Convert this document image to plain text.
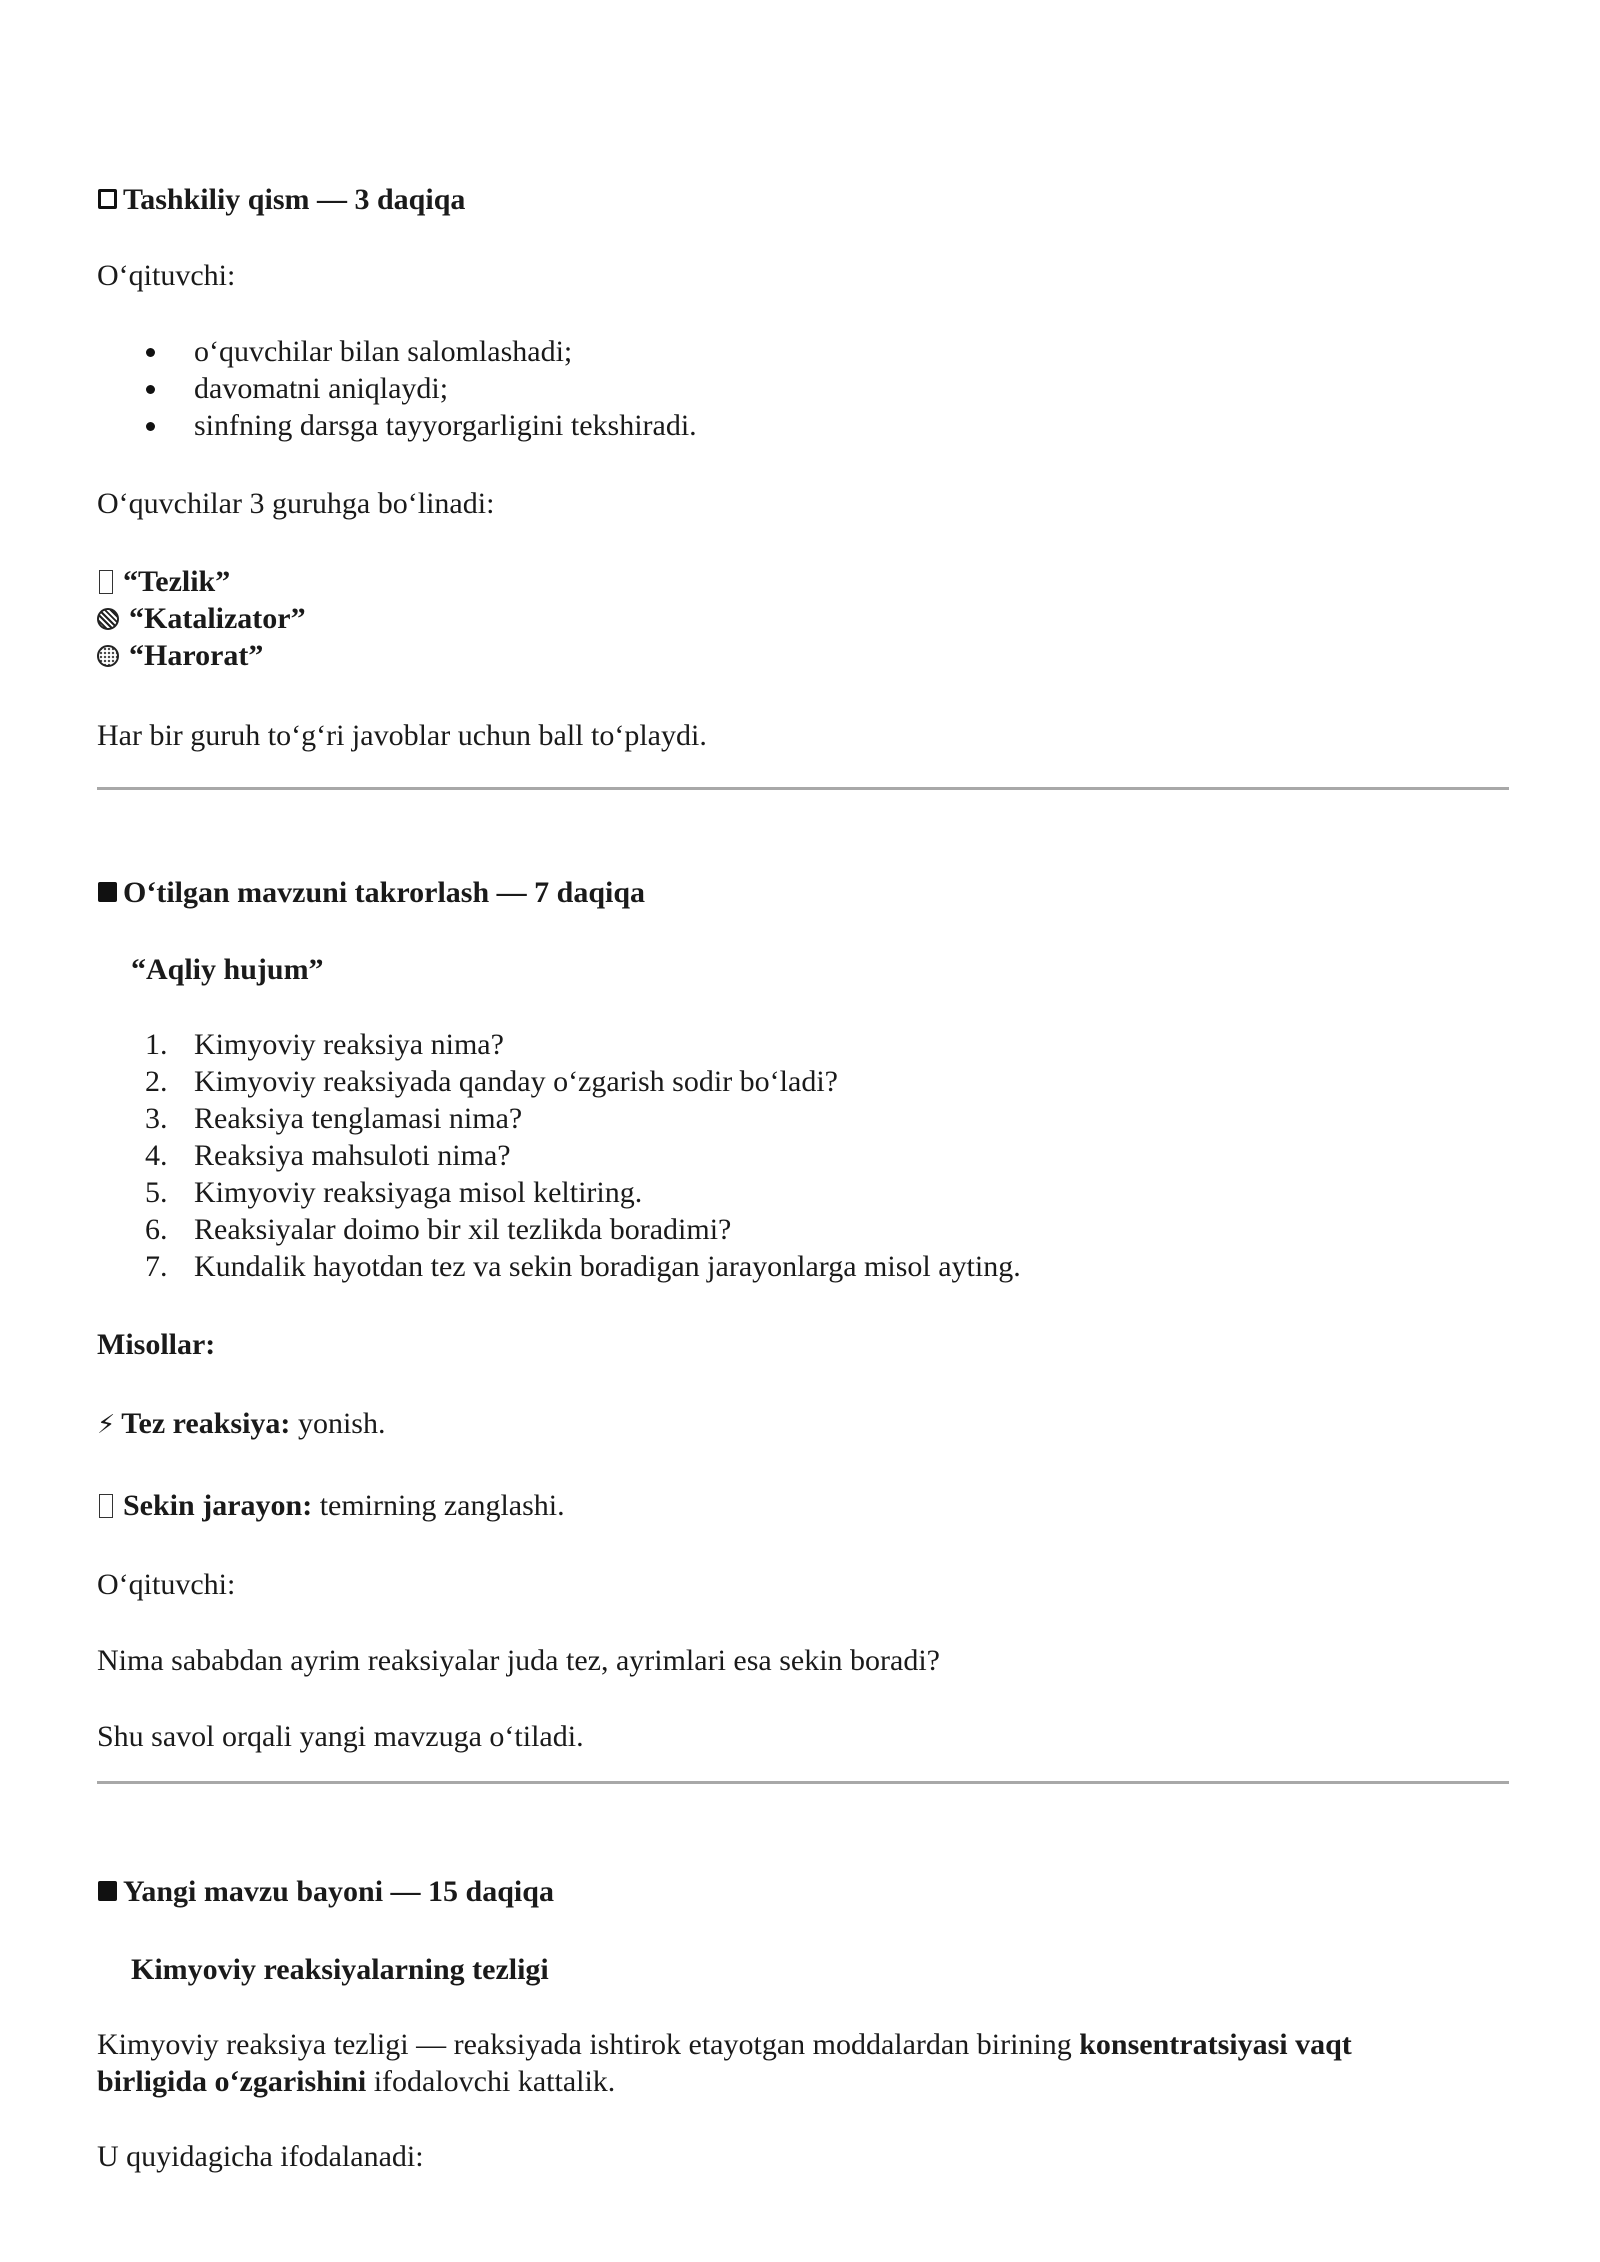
Tashkiliy qism — 3 daqiqa
O‘qituvchi:
o‘quvchilar bilan salomlashadi;
davomatni aniqlaydi;
sinfning darsga tayyorgarligini tekshiradi.
O‘quvchilar 3 guruhga bo‘linadi:
“Tezlik”
“Katalizator”
“Harorat”
Har bir guruh to‘g‘ri javoblar uchun ball to‘playdi.
O‘tilgan mavzuni takrorlash — 7 daqiqa
“Aqliy hujum”
1. Kimyoviy reaksiya nima?
2. Kimyoviy reaksiyada qanday o‘zgarish sodir bo‘ladi?
3. Reaksiya tenglamasi nima?
4. Reaksiya mahsuloti nima?
5. Kimyoviy reaksiyaga misol keltiring.
6. Reaksiyalar doimo bir xil tezlikda boradimi?
7. Kundalik hayotdan tez va sekin boradigan jarayonlarga misol ayting.
Misollar:
⚡ Tez reaksiya: yonish.
Sekin jarayon: temirning zanglashi.
O‘qituvchi:
Nima sababdan ayrim reaksiyalar juda tez, ayrimlari esa sekin boradi?
Shu savol orqali yangi mavzuga o‘tiladi.
Yangi mavzu bayoni — 15 daqiqa
Kimyoviy reaksiyalarning tezligi
Kimyoviy reaksiya tezligi — reaksiyada ishtirok etayotgan moddalardan birining konsentratsiyasi vaqt
birligida o‘zgarishini ifodalovchi kattalik.
U quyidagicha ifodalanadi:
